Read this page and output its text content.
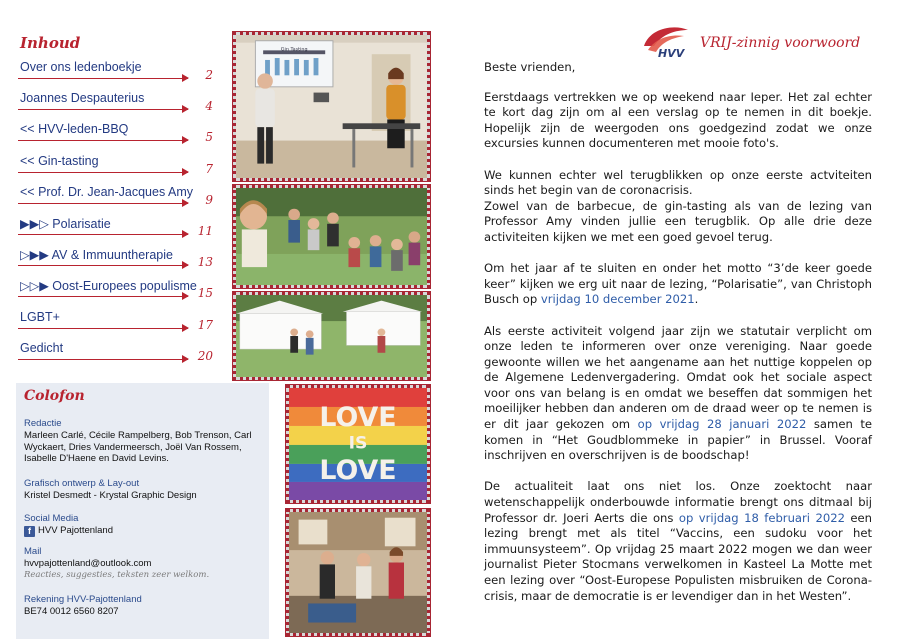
Inhoud
Over ons ledenboekje
2
Joannes Despauterius
4
<< HVV-leden-BBQ
5
<< Gin-tasting
7
<< Prof. Dr. Jean-Jacques Amy
9
▶▶▷ Polarisatie	11
▷▶▶ AV & Immuuntherapie 13
▷▷▶ Oost-Europees populisme 15
LGBT+
17
Gedicht
20
Colofon
Redactie
Marleen Carlé, Cécile Rampelberg, Bob Trenson, Carl Wyckaert, Dries Vandermeersch, Joël Van Rossem, Isabelle D'Haene en David Levins.
Grafisch ontwerp & Lay-out
Kristel Desmedt - Krystal Graphic Design
Social Media
f HVV Pajottenland
Mail
hvvpajottenland@outlook.com
Reacties, suggesties, teksten zeer welkom.
Rekening HVV-Pajottenland
BE74 0012 6560 8207
Gin Tasting
LOVE
IS
LOVE
HVV
VRIJ-zinnig voorwoord

Beste vrienden,

Eerstdaags vertrekken we op weekend naar Ieper. Het zal echter te kort dag zijn om al een verslag op te nemen in dit boekje. Hopelijk zijn de weergoden ons goedgezind zodat we onze excursies kunnen documenteren met mooie foto's.

We kunnen echter wel terugblikken op onze eerste actviteiten sinds het begin van de coronacrisis.
Zowel van de barbecue, de gin-tasting als van de lezing van Professor Amy vinden jullie een terugblik. Op alle drie deze activiteiten kijken we met een goed gevoel terug.

Om het jaar af te sluiten en onder het motto “3’de keer goede keer” kijken we erg uit naar de lezing, “Polarisatie”, van Christoph Busch op vrijdag 10 december 2021.

Als eerste activiteit volgend jaar zijn we statutair verplicht om onze leden te informeren over onze vereniging. Naar goede gewoonte willen we het aangename aan het nuttige koppelen op de Algemene Ledenvergadering. Omdat ook het sociale aspect voor ons van belang is en omdat we beseffen dat sommigen het moeilijker hebben dan anderen om de draad weer op te nemen is er dit jaar gekozen om op vrijdag 28 januari 2022 samen te komen in “Het Goudblommeke in papier” in Brussel. Vooraf inschrijven en overschrijven is de boodschap!

De actualiteit laat ons niet los. Onze zoektocht naar wetenschappelijk onderbouwde informatie brengt ons ditmaal bij Professor dr. Joeri Aerts die ons op vrijdag 18 februari 2022 een lezing brengt met als titel “Vaccins, een sudoku voor het immuunsysteem”. Op vrijdag 25 maart 2022 mogen we dan weer journalist Pieter Stocmans verwelkomen in Kasteel La Motte met een lezing over “Oost-Europese Populisten misbruiken de Corona-crisis, maar de democratie is er levendiger dan in het Westen”.
